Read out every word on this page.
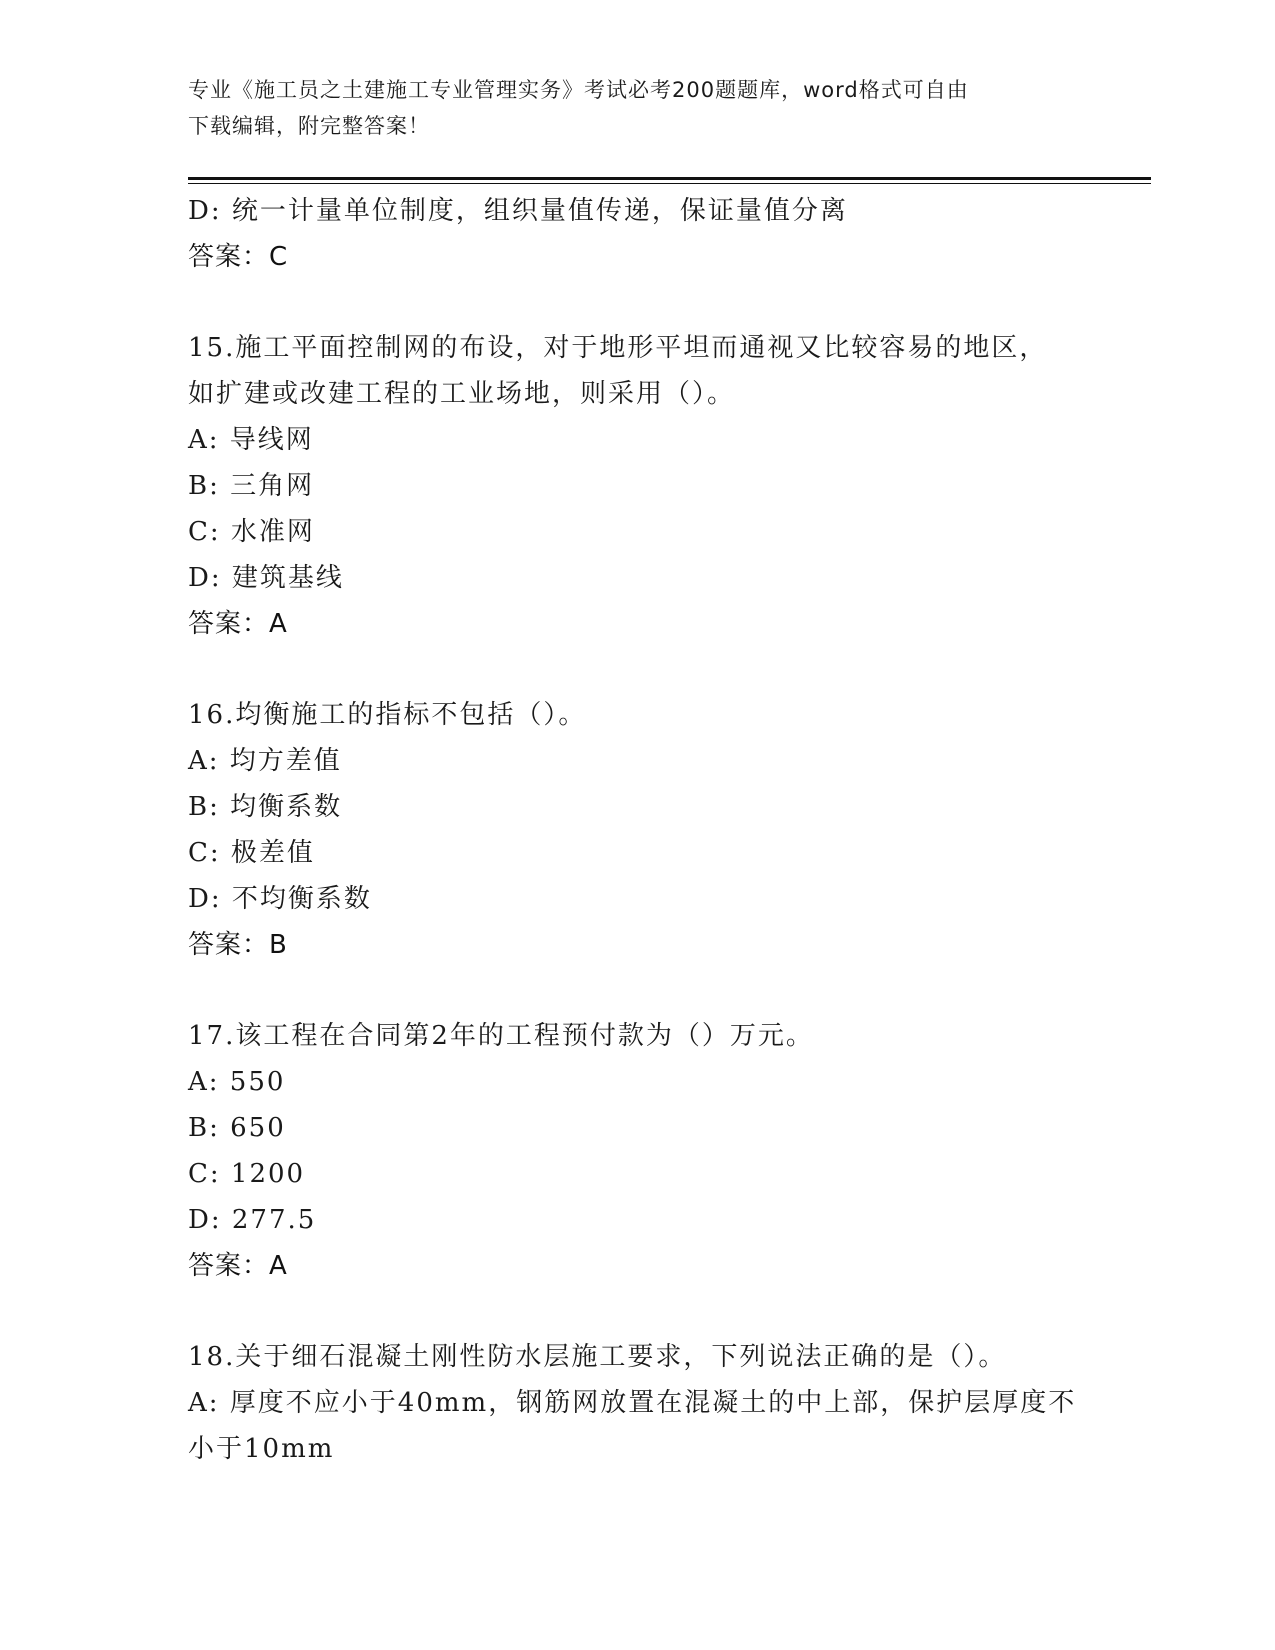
专业《施工员之土建施工专业管理实务》考试必考200题题库，word格式可自由
下载编辑，附完整答案！
D: 统一计量单位制度，组织量值传递，保证量值分离
答案：C
15.施工平面控制网的布设，对于地形平坦而通视又比较容易的地区，
如扩建或改建工程的工业场地，则采用（）。
A: 导线网
B: 三角网
C: 水准网
D: 建筑基线
答案：A
16.均衡施工的指标不包括（）。
A: 均方差值
B: 均衡系数
C: 极差值
D: 不均衡系数
答案：B
17.该工程在合同第2年的工程预付款为（）万元。
A: 550
B: 650
C: 1200
D: 277.5
答案：A
18.关于细石混凝土刚性防水层施工要求，下列说法正确的是（）。
A: 厚度不应小于40mm，钢筋网放置在混凝土的中上部，保护层厚度不
小于10mm
